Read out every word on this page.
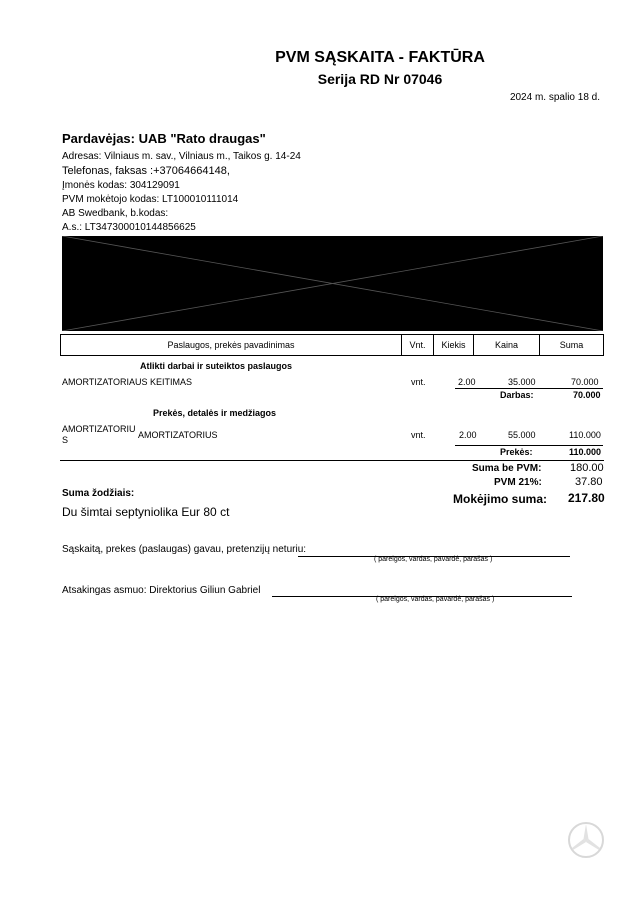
PVM SĄSKAITA - FAKTŪRA
Serija RD Nr 07046
2024 m. spalio 18 d.
Pardavėjas: UAB "Rato draugas"
Adresas: Vilniaus m. sav., Vilniaus m., Taikos g. 14-24
Telefonas, faksas :+37064664148,
Įmonės kodas: 304129091
PVM mokėtojo kodas: LT100010111014
AB Swedbank, b.kodas:
A.s.: LT347300010144856625
Paslaugos, prekės pavadinimas	Vnt.	Kiekis	Kaina	Suma
Atlikti darbai ir suteiktos paslaugos
AMORTIZATORIAUS KEITIMAS	vnt.	2.00	35.000	70.000
Darbas:	70.000
Prekės, detalės ir medžiagos
AMORTIZATORIU
S	AMORTIZATORIUS	vnt.	2.00	55.000	110.000
Prekės:	110.000
Suma be PVM:	180.00
PVM 21%:	37.80
Mokėjimo suma: 217.80
Suma žodžiais:
Du šimtai septyniolika Eur 80 ct
Sąskaitą, prekes (paslaugas) gavau, pretenzijų neturiu:
( pareigos, vardas, pavardė, parašas )
Atsakingas asmuo: Direktorius Giliun Gabriel
( pareigos, vardas, pavardė, parašas )
